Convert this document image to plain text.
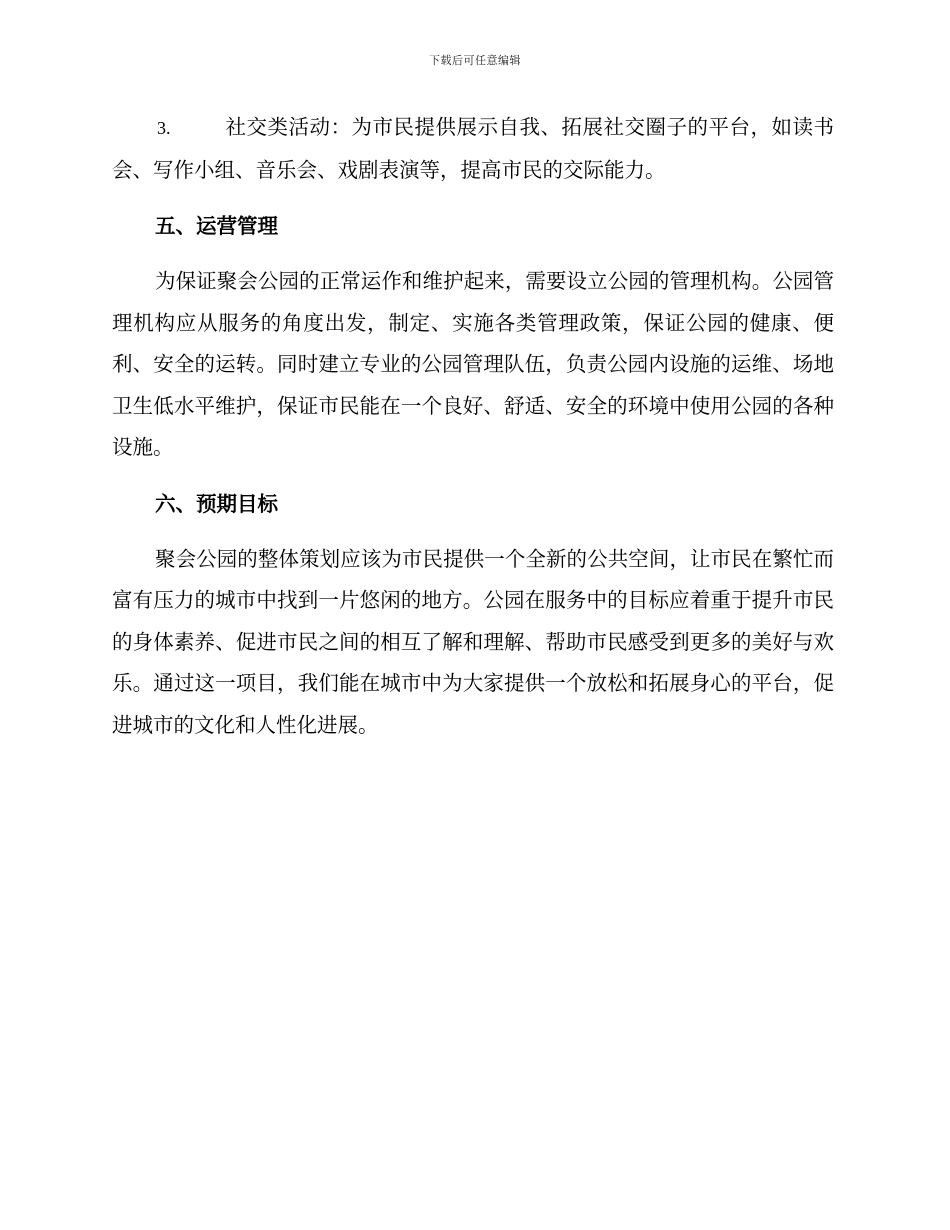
下载后可任意编辑
3.	社交类活动：为市民提供展示自我、拓展社交圈子的平台，如读书会、写作小组、音乐会、戏剧表演等，提高市民的交际能力。
五、运营管理
为保证聚会公园的正常运作和维护起来，需要设立公园的管理机构。公园管理机构应从服务的角度出发，制定、实施各类管理政策，保证公园的健康、便利、安全的运转。同时建立专业的公园管理队伍，负责公园内设施的运维、场地卫生低水平维护，保证市民能在一个良好、舒适、安全的环境中使用公园的各种设施。
六、预期目标
聚会公园的整体策划应该为市民提供一个全新的公共空间，让市民在繁忙而富有压力的城市中找到一片悠闲的地方。公园在服务中的目标应着重于提升市民的身体素养、促进市民之间的相互了解和理解、帮助市民感受到更多的美好与欢乐。通过这一项目，我们能在城市中为大家提供一个放松和拓展身心的平台，促进城市的文化和人性化进展。
